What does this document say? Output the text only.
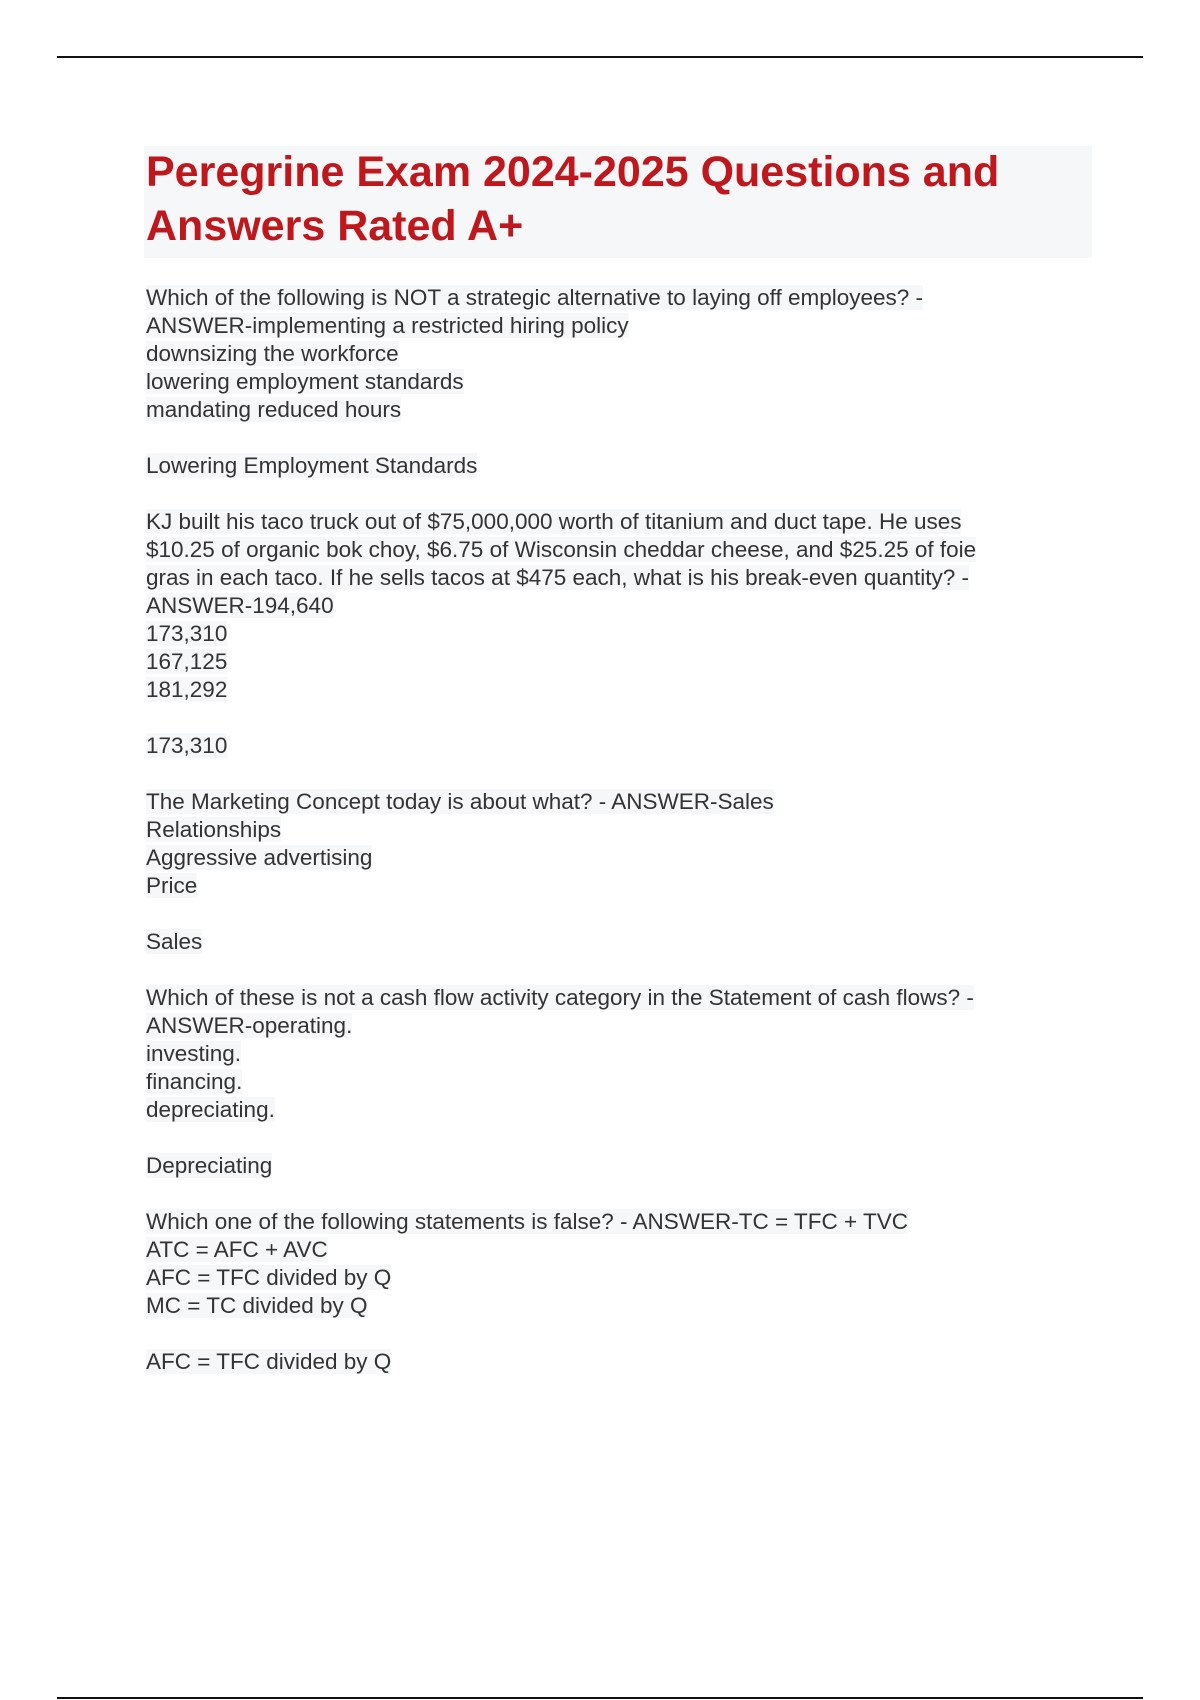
Peregrine Exam 2024-2025 Questions and Answers Rated A+
Which of the following is NOT a strategic alternative to laying off employees? -
ANSWER-implementing a restricted hiring policy
downsizing the workforce
lowering employment standards
mandating reduced hours
Lowering Employment Standards
KJ built his taco truck out of $75,000,000 worth of titanium and duct tape. He uses
$10.25 of organic bok choy, $6.75 of Wisconsin cheddar cheese, and $25.25 of foie
gras in each taco. If he sells tacos at $475 each, what is his break-even quantity? -
ANSWER-194,640
173,310
167,125
181,292
173,310
The Marketing Concept today is about what? - ANSWER-Sales
Relationships
Aggressive advertising
Price
Sales
Which of these is not a cash flow activity category in the Statement of cash flows? -
ANSWER-operating.
investing.
financing.
depreciating.
Depreciating
Which one of the following statements is false? - ANSWER-TC = TFC + TVC
ATC = AFC + AVC
AFC = TFC divided by Q
MC = TC divided by Q
AFC = TFC divided by Q
